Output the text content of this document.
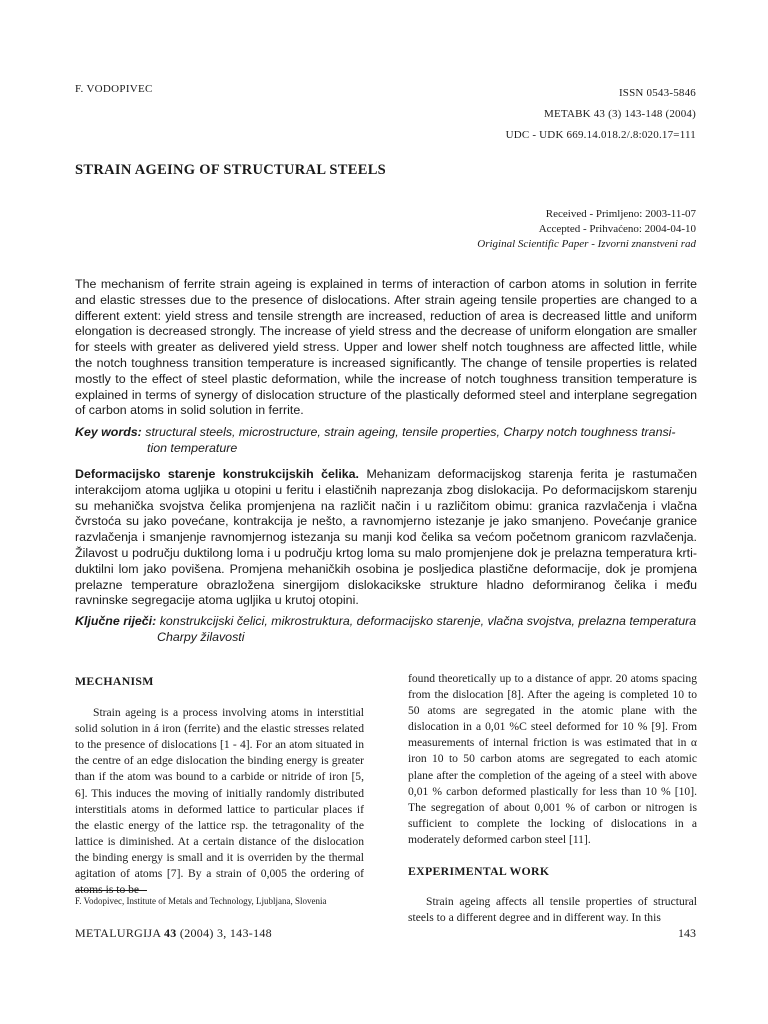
F. VODOPIVEC	ISSN 0543-5846
METABK 43 (3) 143-148 (2004)
UDC - UDK 669.14.018.2/.8:020.17=111
STRAIN AGEING OF STRUCTURAL STEELS
Received - Primljeno: 2003-11-07
Accepted - Prihvaćeno: 2004-04-10
Original Scientific Paper - Izvorni znanstveni rad

The mechanism of ferrite strain ageing is explained in terms of interaction of carbon atoms in solution in ferrite and elastic stresses due to the presence of dislocations. After strain ageing tensile properties are changed to a different extent: yield stress and tensile strength are increased, reduction of area is decreased little and uniform elongation is decreased strongly. The increase of yield stress and the decrease of uniform elongation are smaller for steels with greater as delivered yield stress. Upper and lower shelf notch toughness are affected little, while the notch toughness transition temperature is increased significantly. The change of tensile properties is related mostly to the effect of steel plastic deformation, while the increase of notch toughness transition temperature is explained in terms of synergy of dislocation structure of the plastically deformed steel and interplane segregation of carbon atoms in solid solution in ferrite.

Key words: structural steels, microstructure, strain ageing, tensile properties, Charpy notch toughness transi-
tion temperature

Deformacijsko starenje konstrukcijskih čelika. Mehanizam deformacijskog starenja ferita je rastumačen interakcijom atoma ugljika u otopini u feritu i elastičnih naprezanja zbog dislokacija. Po deformacijskom starenju su mehanička svojstva čelika promjenjena na različit način i u različitom obimu: granica razvlačenja i vlačna čvrstoća su jako povećane, kontrakcija je nešto, a ravnomjerno istezanje je jako smanjeno. Povećanje granice razvlačenja i smanjenje ravnomjernog istezanja su manji kod čelika sa većom početnom granicom razvlačenja. Žilavost u području duktilong loma i u području krtog loma su malo promjenjene dok je prelazna temperatura krti-duktilni lom jako povišena. Promjena mehaničkih osobina je posljedica plastične deformacije, dok je promjena prelazne temperature obrazložena sinergijom dislokacikske strukture hladno deformiranog čelika i među ravninske segregacije atoma ugljika u krutoj otopini.

Ključne riječi: konstrukcijski čelici, mikrostruktura, deformacijsko starenje, vlačna svojstva, prelazna temperatura
Charpy žilavosti
MECHANISM

Strain ageing is a process involving atoms in interstitial solid solution in á iron (ferrite) and the elastic stresses related to the presence of dislocations [1 - 4]. For an atom situated in the centre of an edge dislocation the binding energy is greater than if the atom was bound to a carbide or nitride of iron [5, 6]. This induces the moving of initially randomly distributed interstitials atoms in deformed lattice to particular places if the elastic energy of the lattice rsp. the tetragonality of the lattice is diminished. At a certain distance of the dislocation the binding energy is small and it is overriden by the thermal agitation of atoms [7]. By a strain of 0,005 the ordering of atoms is to be

found theoretically up to a distance of appr. 20 atoms spacing from the dislocation [8]. After the ageing is completed 10 to 50 atoms are segregated in the atomic plane with the dislocation in a 0,01 %C steel deformed for 10 % [9]. From measurements of internal friction is was estimated that in α iron 10 to 50 carbon atoms are segregated to each atomic plane after the completion of the ageing of a steel with above 0,01 % carbon deformed plastically for less than 10 % [10]. The segregation of about 0,001 % of carbon or nitrogen is sufficient to complete the locking of dislocations in a moderately deformed carbon steel [11].

EXPERIMENTAL WORK

Strain ageing affects all tensile properties of structural steels to a different degree and in different way. In this

F. Vodopivec, Institute of Metals and Technology, Ljubljana, Slovenia
METALURGIJA 43 (2004) 3, 143-148	143
